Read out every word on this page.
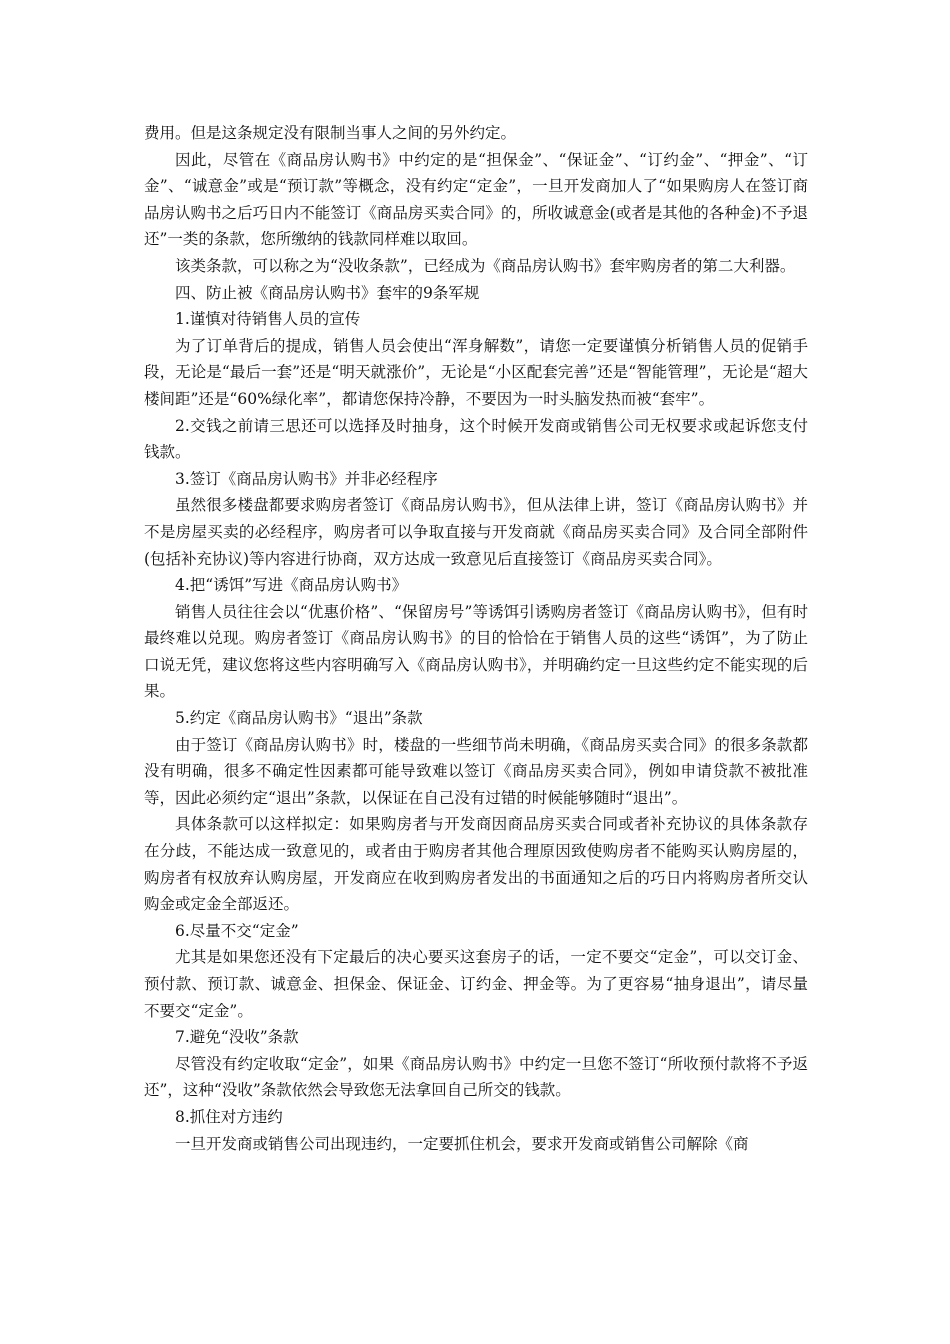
费用。但是这条规定没有限制当事人之间的另外约定。

因此，尽管在《商品房认购书》中约定的是“担保金”、“保证金”、“订约金”、“押金”、“订金”、“诚意金”或是“预订款”等概念，没有约定“定金”，一旦开发商加人了“如果购房人在签订商品房认购书之后巧日内不能签订《商品房买卖合同》的，所收诚意金(或者是其他的各种金)不予退还”一类的条款，您所缴纳的钱款同样难以取回。

该类条款，可以称之为“没收条款”，已经成为《商品房认购书》套牢购房者的第二大利器。

四、防止被《商品房认购书》套牢的9条军规

1.谨慎对待销售人员的宣传

为了订单背后的提成，销售人员会使出“浑身解数”，请您一定要谨慎分析销售人员的促销手段，无论是“最后一套”还是“明天就涨价”，无论是“小区配套完善”还是“智能管理”，无论是“超大楼间距”还是“60%绿化率”，都请您保持冷静，不要因为一时头脑发热而被“套牢”。

2.交钱之前请三思还可以选择及时抽身，这个时候开发商或销售公司无权要求或起诉您支付钱款。

3.签订《商品房认购书》并非必经程序

虽然很多楼盘都要求购房者签订《商品房认购书》，但从法律上讲，签订《商品房认购书》并不是房屋买卖的必经程序，购房者可以争取直接与开发商就《商品房买卖合同》及合同全部附件(包括补充协议)等内容进行协商，双方达成一致意见后直接签订《商品房买卖合同》。

4.把“诱饵”写进《商品房认购书》

销售人员往往会以“优惠价格”、“保留房号”等诱饵引诱购房者签订《商品房认购书》，但有时最终难以兑现。购房者签订《商品房认购书》的目的恰恰在于销售人员的这些“诱饵”，为了防止口说无凭，建议您将这些内容明确写入《商品房认购书》，并明确约定一旦这些约定不能实现的后果。

5.约定《商品房认购书》“退出”条款

由于签订《商品房认购书》时，楼盘的一些细节尚未明确，《商品房买卖合同》的很多条款都没有明确，很多不确定性因素都可能导致难以签订《商品房买卖合同》，例如申请贷款不被批准等，因此必须约定“退出”条款，以保证在自己没有过错的时候能够随时“退出”。

具体条款可以这样拟定：如果购房者与开发商因商品房买卖合同或者补充协议的具体条款存在分歧，不能达成一致意见的，或者由于购房者其他合理原因致使购房者不能购买认购房屋的，购房者有权放弃认购房屋，开发商应在收到购房者发出的书面通知之后的巧日内将购房者所交认购金或定金全部返还。

6.尽量不交“定金”

尤其是如果您还没有下定最后的决心要买这套房子的话，一定不要交“定金”，可以交订金、预付款、预订款、诚意金、担保金、保证金、订约金、押金等。为了更容易“抽身退出”，请尽量不要交“定金”。

7.避免“没收”条款

尽管没有约定收取“定金”，如果《商品房认购书》中约定一旦您不签订“所收预付款将不予返还”，这种“没收”条款依然会导致您无法拿回自己所交的钱款。

8.抓住对方违约

一旦开发商或销售公司出现违约，一定要抓住机会，要求开发商或销售公司解除《商
